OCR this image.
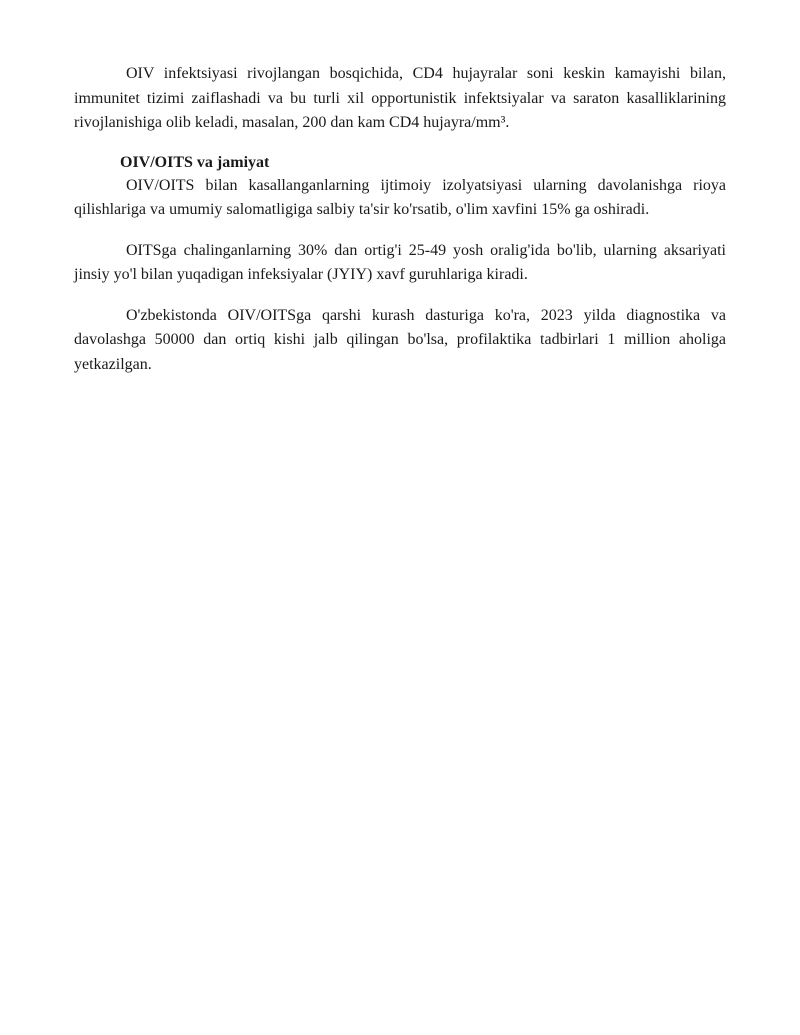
OIV infektsiyasi rivojlangan bosqichida, CD4 hujayralar soni keskin kamayishi bilan, immunitet tizimi zaiflashadi va bu turli xil opportunistik infektsiyalar va saraton kasalliklarining rivojlanishiga olib keladi, masalan, 200 dan kam CD4 hujayra/mm³.

OIV/OITS va jamiyat

OIV/OITS bilan kasallanganlarning ijtimoiy izolyatsiyasi ularning davolanishga rioya qilishlariga va umumiy salomatligiga salbiy ta'sir ko'rsatib, o'lim xavfini 15% ga oshiradi.

OITSga chalinganlarning 30% dan ortig'i 25-49 yosh oralig'ida bo'lib, ularning aksariyati jinsiy yo'l bilan yuqadigan infeksiyalar (JYIY) xavf guruhlariga kiradi.

O'zbekistonda OIV/OITSga qarshi kurash dasturiga ko'ra, 2023 yilda diagnostika va davolashga 50000 dan ortiq kishi jalb qilingan bo'lsa, profilaktika tadbirlari 1 million aholiga yetkazilgan.
